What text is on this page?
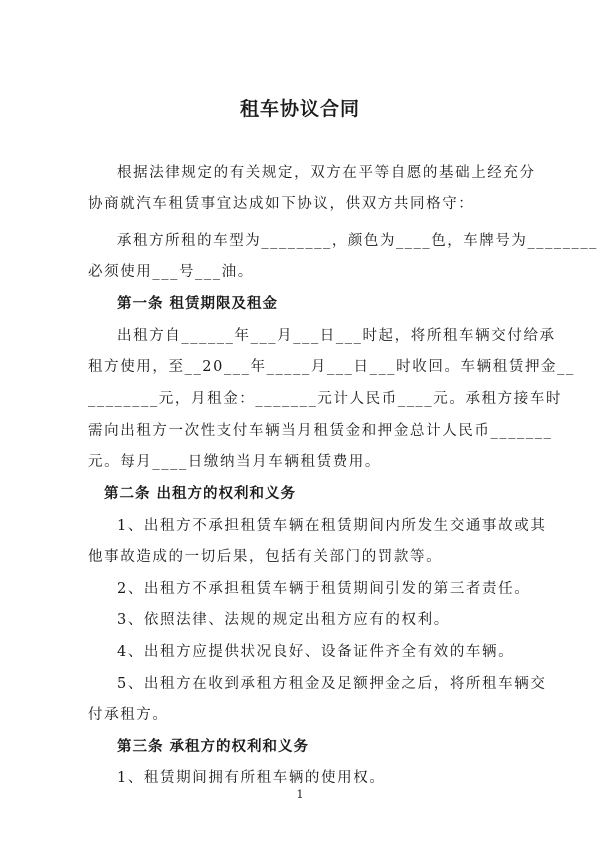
租车协议合同
根据法律规定的有关规定，双方在平等自愿的基础上经充分
协商就汽车租赁事宜达成如下协议，供双方共同格守：
承租方所租的车型为________，颜色为____色，车牌号为________
必须使用___号___油。
第一条 租赁期限及租金
出租方自______年___月___日___时起，将所租车辆交付给承
租方使用，至__20___年_____月___日___时收回。车辆租赁押金__
________元，月租金：_______元计人民币____元。承租方接车时
需向出租方一次性支付车辆当月租赁金和押金总计人民币_______
元。每月____日缴纳当月车辆租赁费用。
第二条 出租方的权利和义务
1、出租方不承担租赁车辆在租赁期间内所发生交通事故或其
他事故造成的一切后果，包括有关部门的罚款等。
2、出租方不承担租赁车辆于租赁期间引发的第三者责任。
3、依照法律、法规的规定出租方应有的权利。
4、出租方应提供状况良好、设备证件齐全有效的车辆。
5、出租方在收到承租方租金及足额押金之后，将所租车辆交
付承租方。
第三条 承租方的权利和义务
1、租赁期间拥有所租车辆的使用权。
1
